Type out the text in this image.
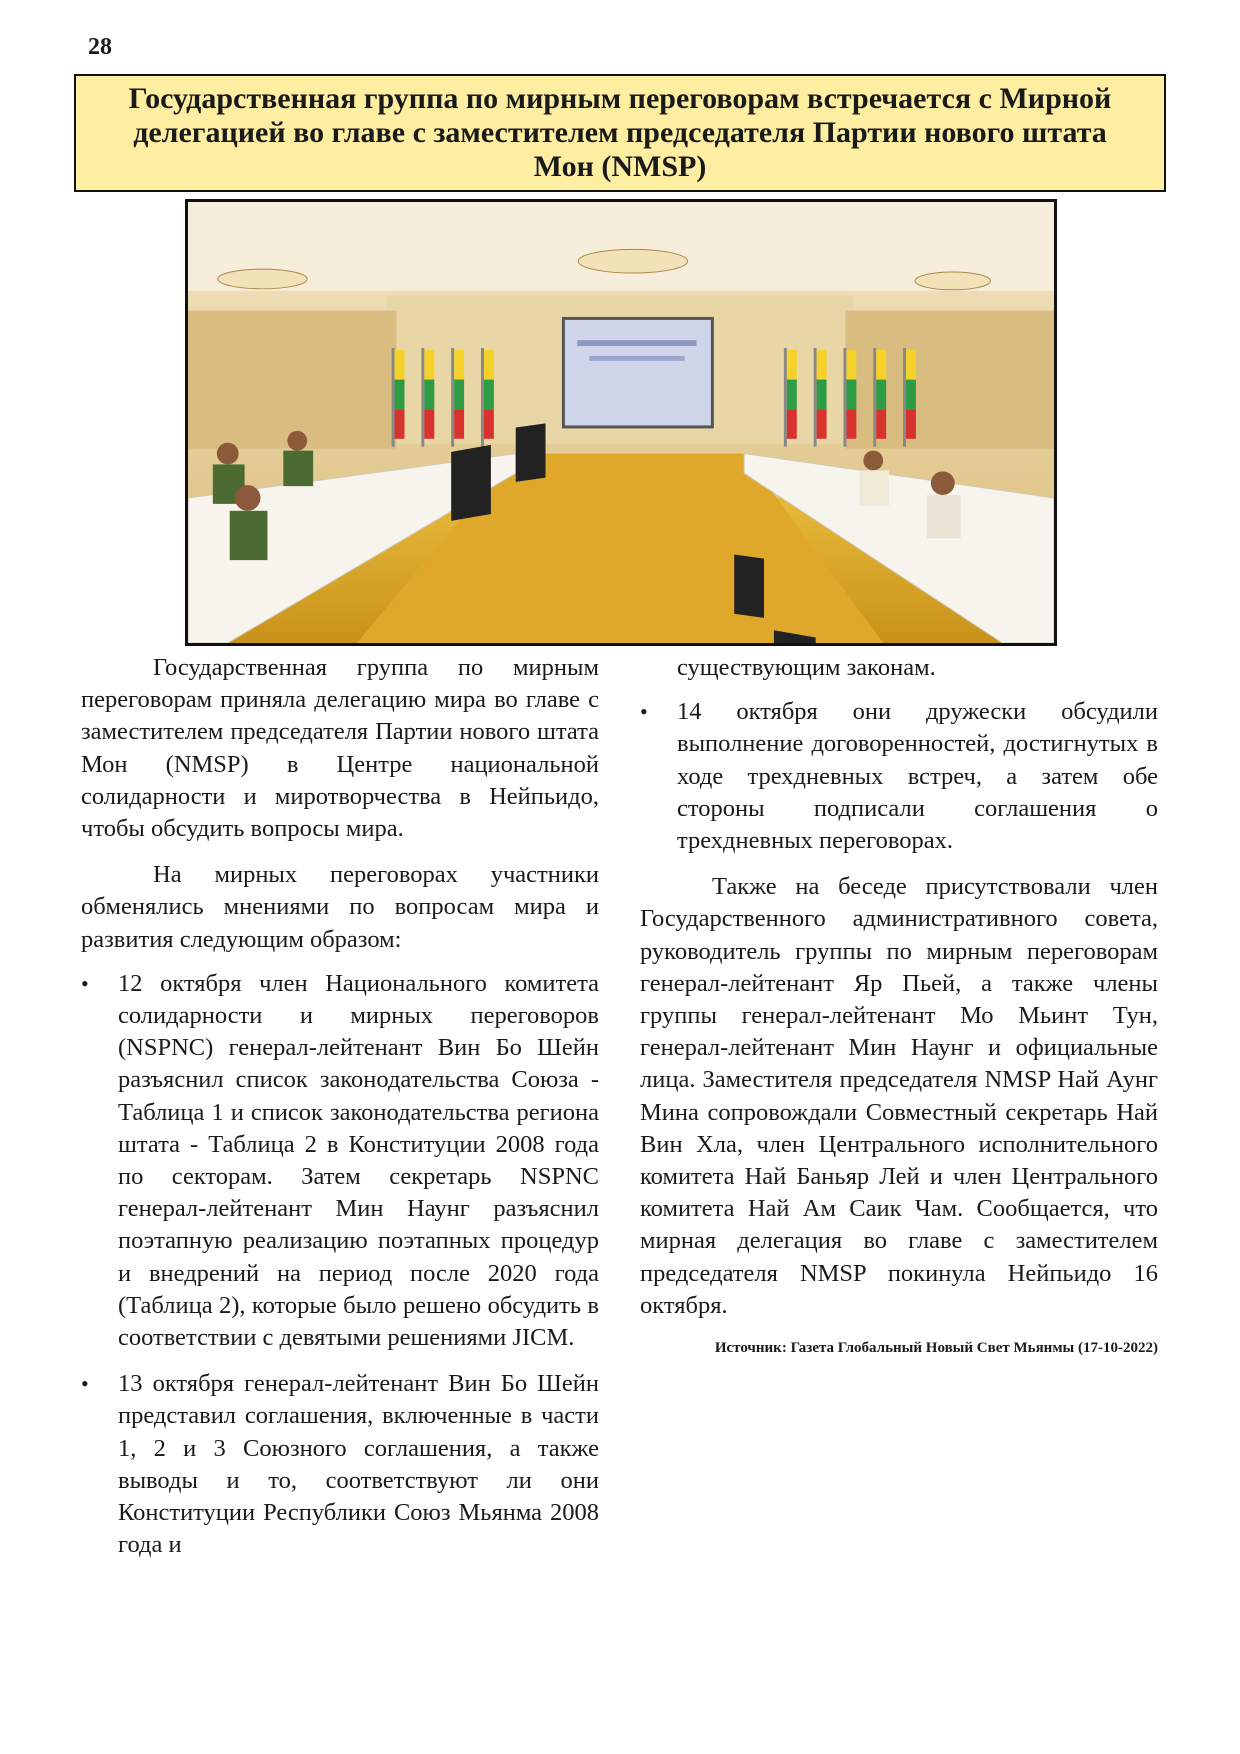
28
Государственная группа по мирным переговорам встречается с Мирной делегацией во главе с заместителем председателя Партии нового штата Мон (NMSP)

Государственная группа по мирным переговорам приняла делегацию мира во главе с заместителем председателя Партии нового штата Мон (NMSP) в Центре национальной солидарности и миротворчества в Нейпьидо, чтобы обсудить вопросы мира.

На мирных переговорах участники обменялись мнениями по вопросам мира и развития следующим образом:

• 12 октября член Национального комитета солидарности и мирных переговоров (NSPNC) генерал-лейтенант Вин Бо Шейн разъяснил список законодательства Союза - Таблица 1 и список законодательства региона штата - Таблица 2 в Конституции 2008 года по секторам. Затем секретарь NSPNC генерал-лейтенант Мин Наунг разъяснил поэтапную реализацию поэтапных процедур и внедрений на период после 2020 года (Таблица 2), которые было решено обсудить в соответствии с девятыми решениями JICM.
• 13 октября генерал-лейтенант Вин Бо Шейн представил соглашения, включенные в части 1, 2 и 3 Союзного соглашения, а также выводы и то, соответствуют ли они Конституции Республики Союз Мьянма 2008 года и

существующим законам.

• 14 октября они дружески обсудили выполнение договоренностей, достигнутых в ходе трехдневных встреч, а затем обе стороны подписали соглашения о трехдневных переговорах.

Также на беседе присутствовали член Государственного административного совета, руководитель группы по мирным переговорам генерал-лейтенант Яр Пьей, а также члены группы генерал-лейтенант Мо Мьинт Тун, генерал-лейтенант Мин Наунг и официальные лица. Заместителя председателя NMSP Най Аунг Мина сопровождали Совместный секретарь Най Вин Хла, член Центрального исполнительного комитета Най Баньяр Лей и член Центрального комитета Най Ам Саик Чам. Сообщается, что мирная делегация во главе с заместителем председателя NMSP покинула Нейпьидо 16 октября.

Источник: Газета Глобальный Новый Свет Мьянмы (17-10-2022)
